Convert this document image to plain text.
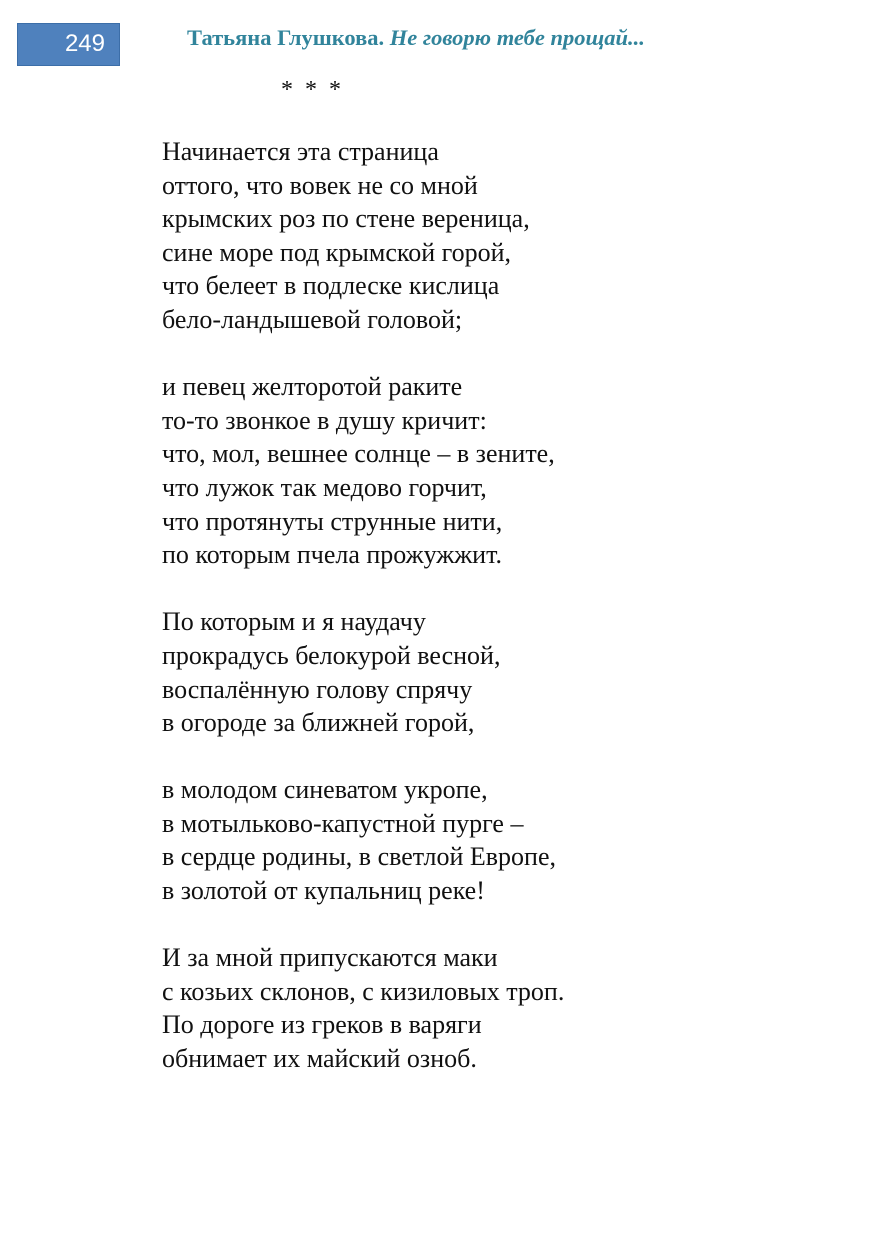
249	Татьяна Глушкова. Не говорю тебе прощай...
* * *
Начинается эта страница
оттого, что вовек не со мной
крымских роз по стене вереница,
сине море под крымской горой,
что белеет в подлеске кислица
бело-ландышевой головой;
и певец желторотой раките
то-то звонкое в душу кричит:
что, мол, вешнее солнце – в зените,
что лужок так медово горчит,
что протянуты струнные нити,
по которым пчела прожужжит.
По которым и я наудачу
прокрадусь белокурой весной,
воспалённую голову спрячу
в огороде за ближней горой,
в молодом синеватом укропе,
в мотыльково-капустной пурге –
в сердце родины, в светлой Европе,
в золотой от купальниц реке!
И за мной припускаются маки
с козьих склонов, с кизиловых троп.
По дороге из греков в варяги
обнимает их майский озноб.
